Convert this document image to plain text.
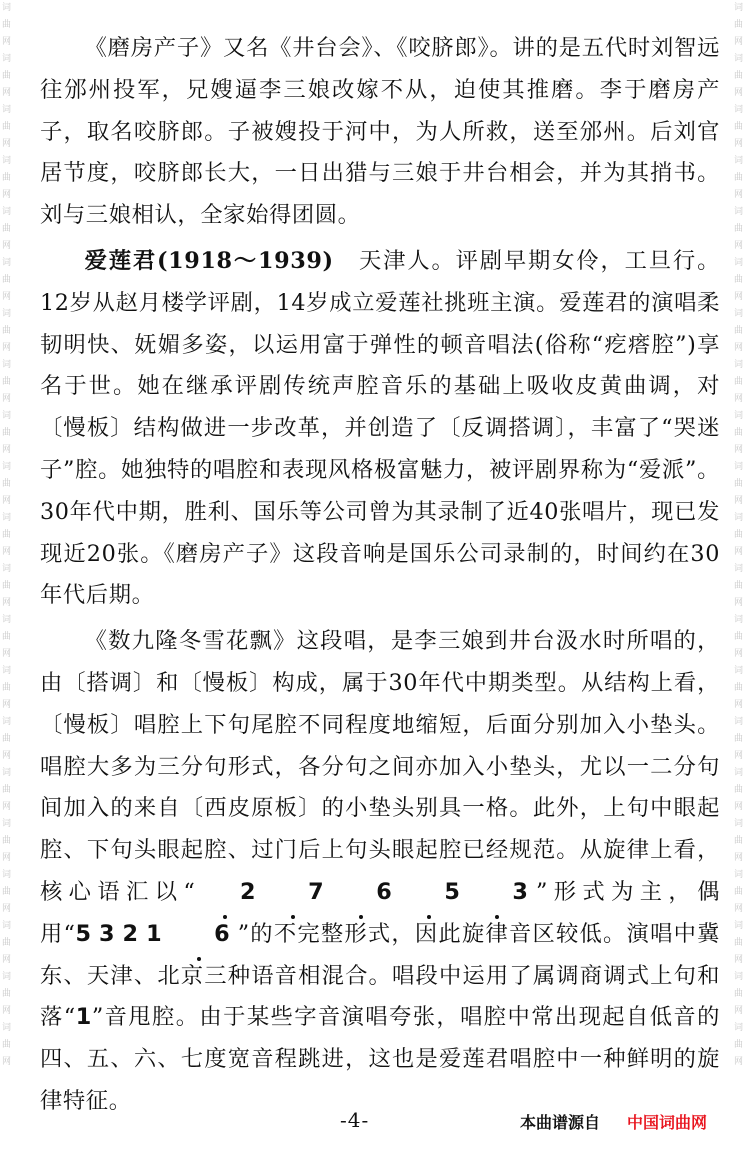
词曲网词曲网词曲网词曲网词曲网词曲网词曲网词曲网词曲网词曲网词曲网词曲网词曲网词曲网词曲网词曲网词曲网词曲网词曲网词曲网词曲网
词曲网词曲网词曲网词曲网词曲网词曲网词曲网词曲网词曲网词曲网词曲网词曲网词曲网词曲网词曲网词曲网词曲网词曲网词曲网词曲网词曲网

《磨房产子》又名《井台会》、《咬脐郎》。讲的是五代时刘智远往邠州投军，兄嫂逼李三娘改嫁不从，迫使其推磨。李于磨房产子，取名咬脐郎。子被嫂投于河中，为人所救，送至邠州。后刘官居节度，咬脐郎长大，一日出猎与三娘于井台相会，并为其捎书。刘与三娘相认，全家始得团圆。

爱莲君(1918～1939)　天津人。评剧早期女伶，工旦行。12岁从赵月楼学评剧，14岁成立爱莲社挑班主演。爱莲君的演唱柔韧明快、妩媚多姿，以运用富于弹性的顿音唱法(俗称“疙瘩腔”)享名于世。她在继承评剧传统声腔音乐的基础上吸收皮黄曲调，对〔慢板〕结构做进一步改革，并创造了〔反调搭调〕，丰富了“哭迷子”腔。她独特的唱腔和表现风格极富魅力，被评剧界称为“爱派”。30年代中期，胜利、国乐等公司曾为其录制了近40张唱片，现已发现近20张。《磨房产子》这段音响是国乐公司录制的，时间约在30年代后期。

《数九隆冬雪花飘》这段唱，是李三娘到井台汲水时所唱的，由〔搭调〕和〔慢板〕构成，属于30年代中期类型。从结构上看，〔慢板〕唱腔上下句尾腔不同程度地缩短，后面分别加入小垫头。唱腔大多为三分句形式，各分句之间亦加入小垫头，尤以一二分句间加入的来自〔西皮原板〕的小垫头别具一格。此外，上句中眼起腔、下句头眼起腔、过门后上句头眼起腔已经规范。从旋律上看，核心语汇以“ 2 7 6 5 3”形式为主，偶用“5321 6”的不完整形式，因此旋律音区较低。演唱中冀东、天津、北京三种语音相混合。唱段中运用了属调商调式上句和落“1”音甩腔。由于某些字音演唱夸张，唱腔中常出现起自低音的四、五、六、七度宽音程跳进，这也是爱莲君唱腔中一种鲜明的旋律特征。

-4-	本曲谱源自 中国词曲网
